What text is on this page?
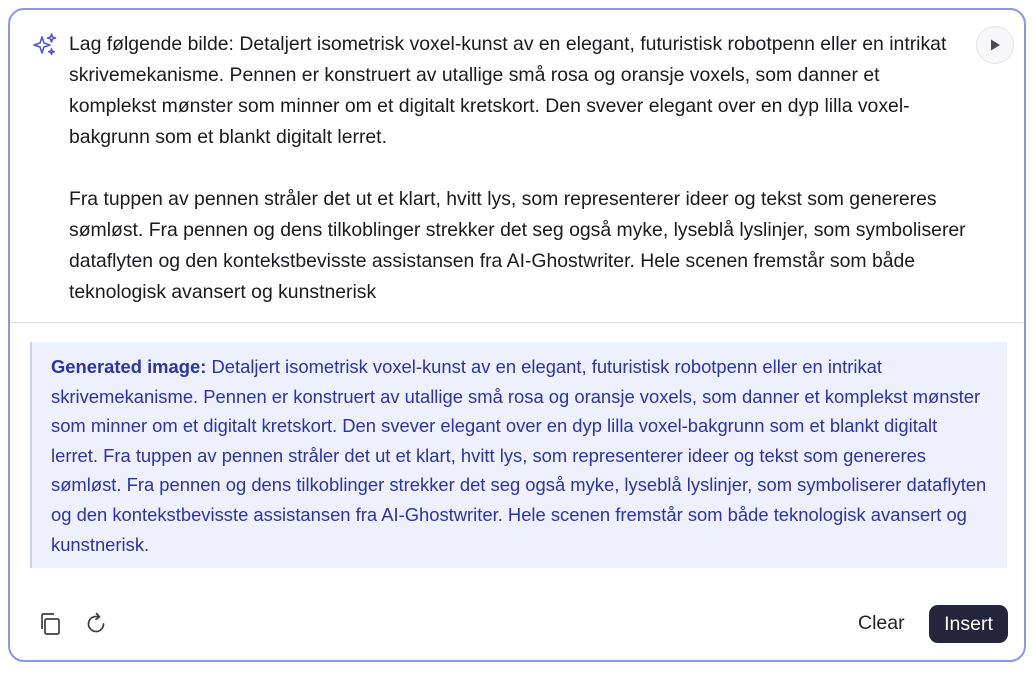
Lag følgende bilde: Detaljert isometrisk voxel-kunst av en elegant, futuristisk robotpenn eller en intrikat skrivemekanisme. Pennen er konstruert av utallige små rosa og oransje voxels, som danner et komplekst mønster som minner om et digitalt kretskort. Den svever elegant over en dyp lilla voxel-bakgrunn som et blankt digitalt lerret.

Fra tuppen av pennen stråler det ut et klart, hvitt lys, som representerer ideer og tekst som genereres sømløst. Fra pennen og dens tilkoblinger strekker det seg også myke, lyseblå lyslinjer, som symboliserer dataflyten og den kontekstbevisste assistansen fra AI-Ghostwriter. Hele scenen fremstår som både teknologisk avansert og kunstnerisk

Generated image: Detaljert isometrisk voxel-kunst av en elegant, futuristisk robotpenn eller en intrikat skrivemekanisme. Pennen er konstruert av utallige små rosa og oransje voxels, som danner et komplekst mønster som minner om et digitalt kretskort. Den svever elegant over en dyp lilla voxel-bakgrunn som et blankt digitalt lerret. Fra tuppen av pennen stråler det ut et klart, hvitt lys, som representerer ideer og tekst som genereres sømløst. Fra pennen og dens tilkoblinger strekker det seg også myke, lyseblå lyslinjer, som symboliserer dataflyten og den kontekstbevisste assistansen fra AI-Ghostwriter. Hele scenen fremstår som både teknologisk avansert og kunstnerisk.
Clear	Insert
